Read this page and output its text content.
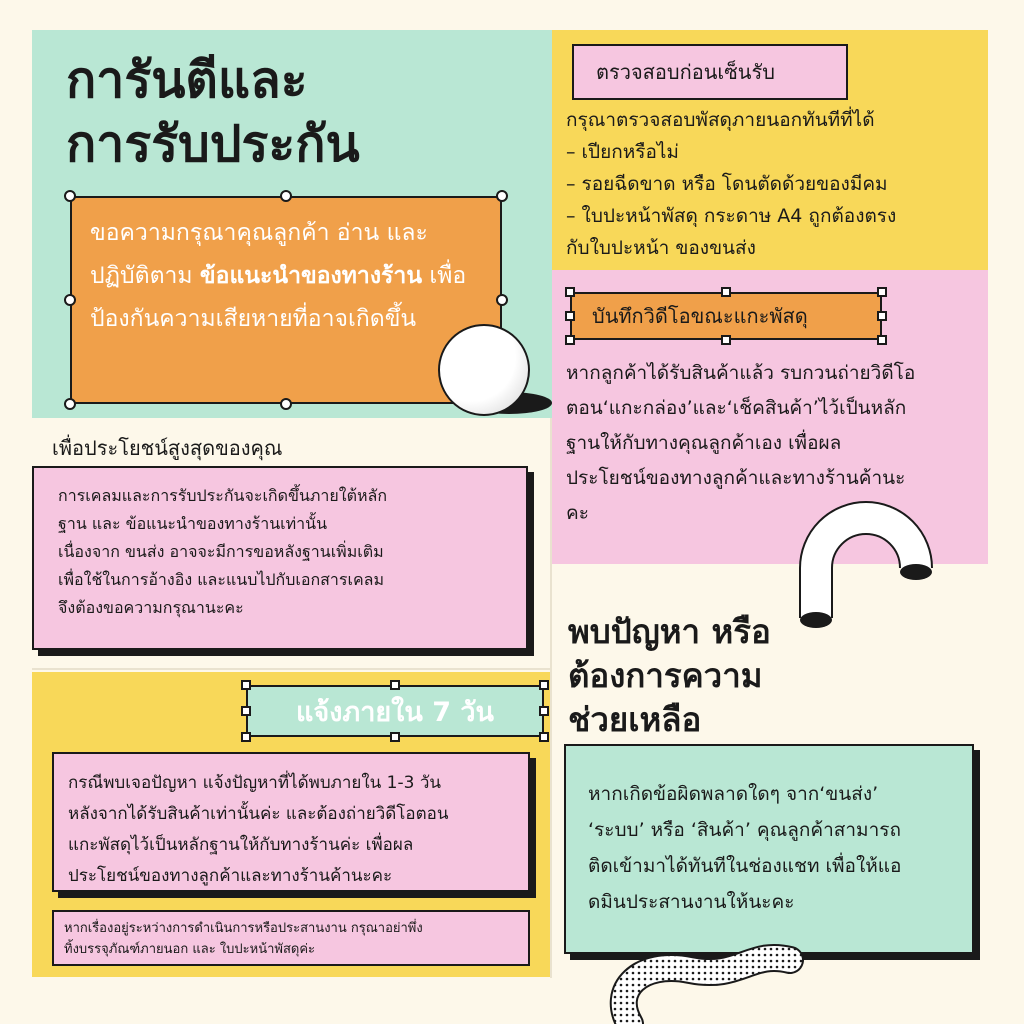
การันตีและ
การรับประกัน
ขอความกรุณาคุณลูกค้า อ่าน และ ปฏิบัติตาม ข้อแนะนำของทางร้าน เพื่อป้องกันความเสียหายที่อาจเกิดขึ้น
เพื่อประโยชน์สูงสุดของคุณ
การเคลมและการรับประกันจะเกิดขึ้นภายใต้หลัก
ฐาน และ ข้อแนะนำของทางร้านเท่านั้น
เนื่องจาก ขนส่ง อาจจะมีการขอหลังฐานเพิ่มเติม
เพื่อใช้ในการอ้างอิง และแนบไปกับเอกสารเคลม
จึงต้องขอความกรุณานะคะ
ตรวจสอบก่อนเซ็นรับ
กรุณาตรวจสอบพัสดุภายนอกทันทีที่ได้
– เปียกหรือไม่
– รอยฉีดขาด หรือ โดนตัดด้วยของมีคม
– ใบปะหน้าพัสดุ กระดาษ A4 ถูกต้องตรง
กับใบปะหน้า ของขนส่ง
บันทึกวิดีโอขณะแกะพัสดุ
หากลูกค้าได้รับสินค้าแล้ว รบกวนถ่ายวิดีโอ
ตอน‘แกะกล่อง’และ‘เช็คสินค้า’ไว้เป็นหลัก
ฐานให้กับทางคุณลูกค้าเอง เพื่อผล
ประโยชน์ของทางลูกค้าและทางร้านค้านะ
คะ
พบปัญหา หรือ
ต้องการความ
ช่วยเหลือ
หากเกิดข้อผิดพลาดใดๆ จาก‘ขนส่ง’
‘ระบบ’ หรือ ‘สินค้า’ คุณลูกค้าสามารถ
ติดเข้ามาได้ทันทีในช่องแชท เพื่อให้แอ
ดมินประสานงานให้นะคะ
แจ้งภายใน 7 วัน
กรณีพบเจอปัญหา แจ้งปัญหาที่ได้พบภายใน 1-3 วัน
หลังจากได้รับสินค้าเท่านั้นค่ะ และต้องถ่ายวิดีโอตอน
แกะพัสดุไว้เป็นหลักฐานให้กับทางร้านค่ะ เพื่อผล
ประโยชน์ของทางลูกค้าและทางร้านค้านะคะ
หากเรื่องอยู่ระหว่างการดำเนินการหรือประสานงาน กรุณาอย่าพึ่ง
ทิ้งบรรจุภัณฑ์ภายนอก และ ใบปะหน้าพัสดุค่ะ
